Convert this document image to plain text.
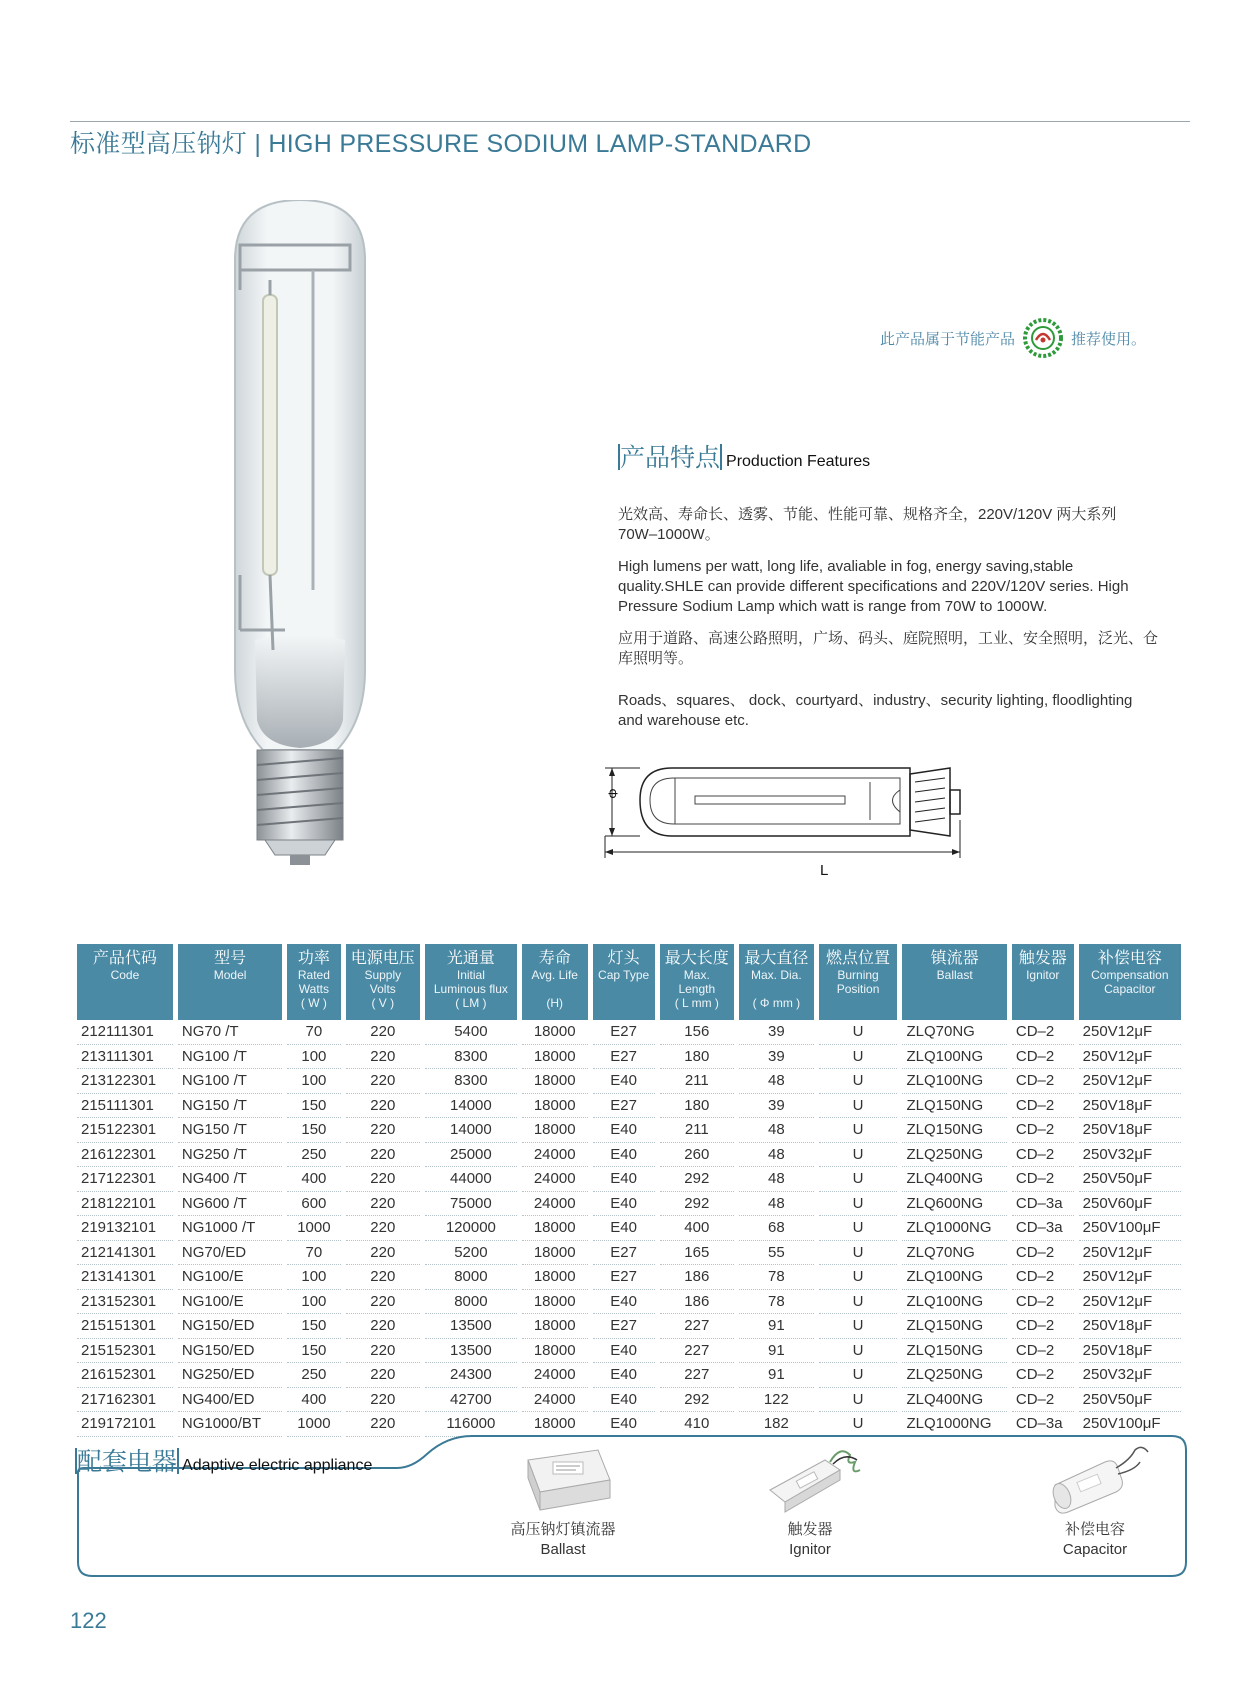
标准型高压钠灯 | HIGH PRESSURE SODIUM LAMP-STANDARD
此产品属于节能产品	推荐使用。
产品特点 Production Features

光效高、寿命长、透雾、节能、性能可靠、规格齐全，220V/120V 两大系列 70W–1000W。

High lumens per watt, long life, avaliable in fog, energy saving,stable quality.SHLE can provide different specifications and 220V/120V series. High Pressure Sodium Lamp which watt is range from 70W to 1000W.

应用于道路、高速公路照明，广场、码头、庭院照明，工业、安全照明，泛光、仓库照明等。

Roads、squares、 dock、courtyard、industry、security lighting, floodlighting and warehouse etc.

L
Φ
产品代码
Code	型号
Model	功率
Rated
Watts
( W )	电源电压
Supply
Volts
( V )	光通量
Initial
Luminous flux
( LM )	寿命
Avg. Life

(H)	灯头
Cap Type	最大长度
Max.
Length
( L mm )	最大直径
Max. Dia.

( Φ mm )	燃点位置
Burning
Position	镇流器
Ballast	触发器
Ignitor	补偿电容
Compensation
Capacitor

212111301	NG70 /T	70	220	5400	18000	E27	156	39	U	ZLQ70NG	CD–2	250V12μF
213111301	NG100 /T	100	220	8300	18000	E27	180	39	U	ZLQ100NG	CD–2	250V12μF
213122301	NG100 /T	100	220	8300	18000	E40	211	48	U	ZLQ100NG	CD–2	250V12μF
215111301	NG150 /T	150	220	14000	18000	E27	180	39	U	ZLQ150NG	CD–2	250V18μF
215122301	NG150 /T	150	220	14000	18000	E40	211	48	U	ZLQ150NG	CD–2	250V18μF
216122301	NG250 /T	250	220	25000	24000	E40	260	48	U	ZLQ250NG	CD–2	250V32μF
217122301	NG400 /T	400	220	44000	24000	E40	292	48	U	ZLQ400NG	CD–2	250V50μF
218122101	NG600 /T	600	220	75000	24000	E40	292	48	U	ZLQ600NG	CD–3a	250V60μF
219132101	NG1000 /T	1000	220	120000	18000	E40	400	68	U	ZLQ1000NG	CD–3a	250V100μF
212141301	NG70/ED	70	220	5200	18000	E27	165	55	U	ZLQ70NG	CD–2	250V12μF
213141301	NG100/E	100	220	8000	18000	E27	186	78	U	ZLQ100NG	CD–2	250V12μF
213152301	NG100/E	100	220	8000	18000	E40	186	78	U	ZLQ100NG	CD–2	250V12μF
215151301	NG150/ED	150	220	13500	18000	E27	227	91	U	ZLQ150NG	CD–2	250V18μF
215152301	NG150/ED	150	220	13500	18000	E40	227	91	U	ZLQ150NG	CD–2	250V18μF
216152301	NG250/ED	250	220	24300	24000	E40	227	91	U	ZLQ250NG	CD–2	250V32μF
217162301	NG400/ED	400	220	42700	24000	E40	292	122	U	ZLQ400NG	CD–2	250V50μF
219172101	NG1000/BT	1000	220	116000	18000	E40	410	182	U	ZLQ1000NG	CD–3a	250V100μF
配套电器 Adaptive electric appliance
高压钠灯镇流器
Ballast
触发器
Ignitor
补偿电容
Capacitor
122
